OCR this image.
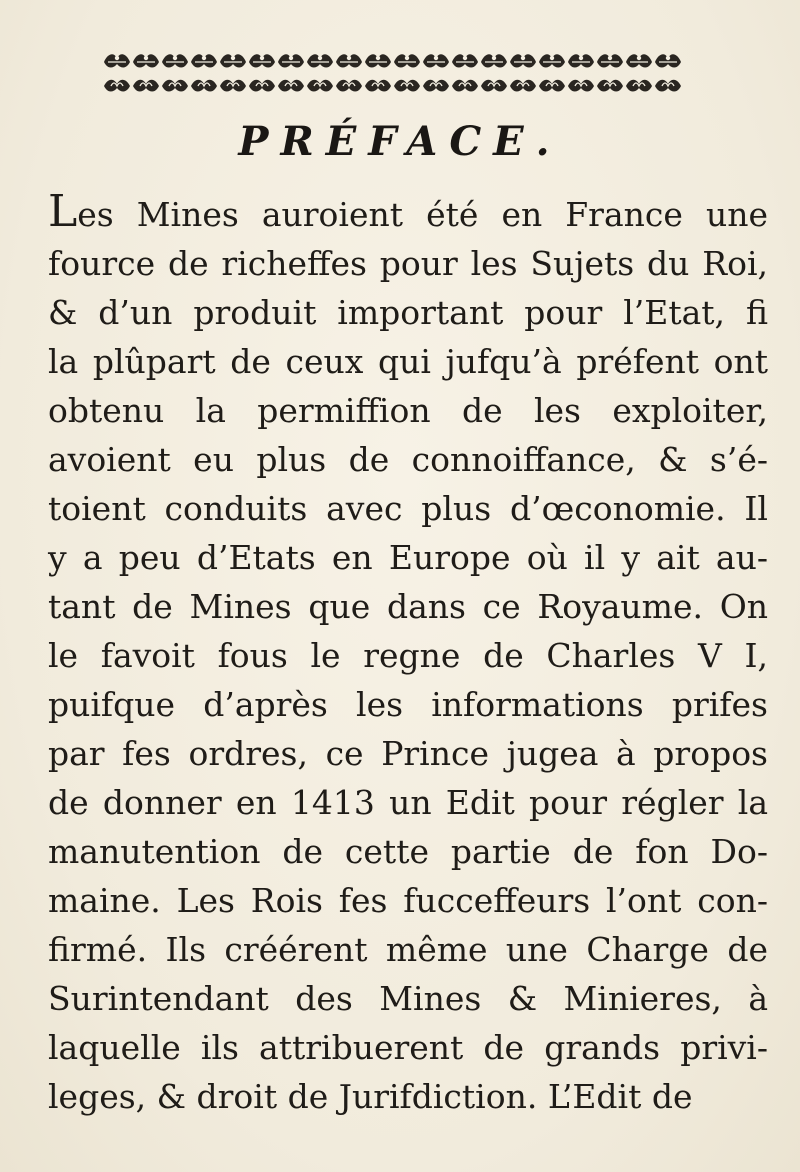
PRÉFACE.
Les Mines auroient été en France une
fource de richeffes pour les Sujets du Roi,
& d’un produit important pour l’Etat, fi
la plûpart de ceux qui jufqu’à préfent ont
obtenu la permiffion de les exploiter,
avoient eu plus de connoiffance, & s’é-
toient conduits avec plus d’œconomie. Il
y a peu d’Etats en Europe où il y ait au-
tant de Mines que dans ce Royaume. On
le favoit fous le regne de Charles V I,
puifque d’après les informations prifes
par fes ordres, ce Prince jugea à propos
de donner en 1413 un Edit pour régler la
manutention de cette partie de fon Do-
maine. Les Rois fes fucceffeurs l’ont con-
firmé. Ils créérent même une Charge de
Surintendant des Mines & Minieres, à
laquelle ils attribuerent de grands privi-
leges, & droit de Jurifdiction. L’Edit de
